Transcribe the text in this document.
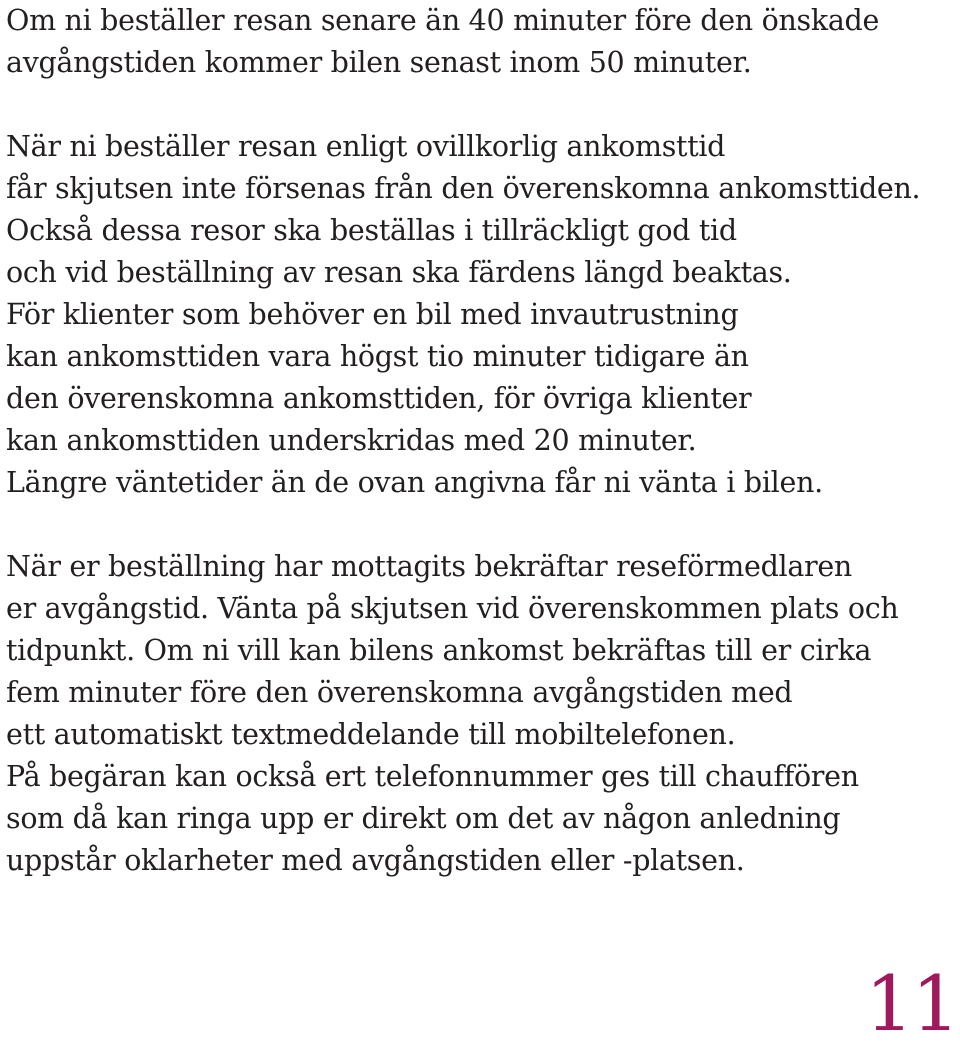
Om ni beställer resan senare än 40 minuter före den önskade
avgångstiden kommer bilen senast inom 50 minuter.
När ni beställer resan enligt ovillkorlig ankomsttid
får skjutsen inte försenas från den överenskomna ankomsttiden.
Också dessa resor ska beställas i tillräckligt god tid
och vid beställning av resan ska färdens längd beaktas.
För klienter som behöver en bil med invautrustning
kan ankomsttiden vara högst tio minuter tidigare än
den överenskomna ankomsttiden, för övriga klienter
kan ankomsttiden underskridas med 20 minuter.
Längre väntetider än de ovan angivna får ni vänta i bilen.
När er beställning har mottagits bekräftar reseförmedlaren
er avgångstid. Vänta på skjutsen vid överenskommen plats och
tidpunkt. Om ni vill kan bilens ankomst bekräftas till er cirka
fem minuter före den överenskomna avgångstiden med
ett automatiskt textmeddelande till mobiltelefonen.
På begäran kan också ert telefonnummer ges till chauffören
som då kan ringa upp er direkt om det av någon anledning
uppstår oklarheter med avgångstiden eller -platsen.
11
